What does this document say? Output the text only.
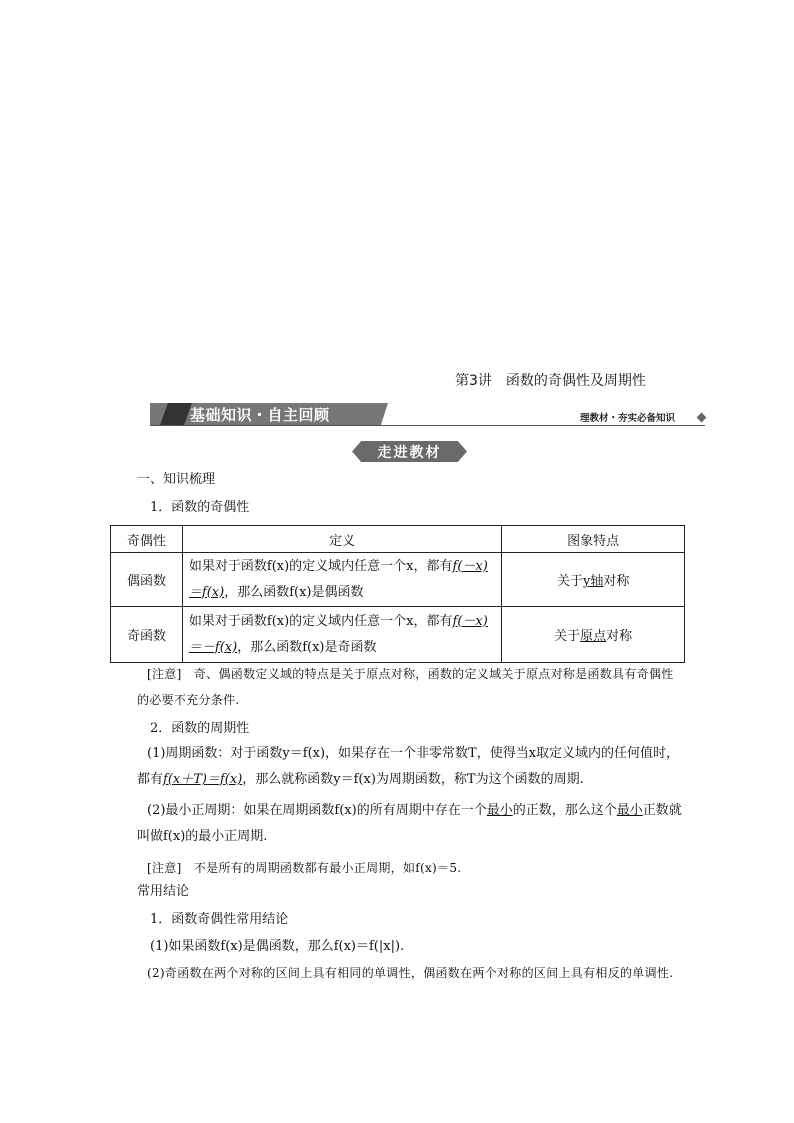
第3讲 函数的奇偶性及周期性
基础知识・自主回顾	理教材・夯实必备知识
走进教材
一、知识梳理
1．函数的奇偶性
奇偶性	定义	图象特点
偶函数	如果对于函数f(x)的定义域内任意一个x，都有f(－x)＝f(x)，那么函数f(x)是偶函数	关于y轴对称
奇函数	如果对于函数f(x)的定义域内任意一个x，都有f(－x)＝－f(x)，那么函数f(x)是奇函数	关于原点对称
[注意]　奇、偶函数定义域的特点是关于原点对称，函数的定义域关于原点对称是函数具有奇偶性的必要不充分条件.
2．函数的周期性
(1)周期函数：对于函数y＝f(x)，如果存在一个非零常数T，使得当x取定义域内的任何值时，都有f(x＋T)＝f(x)，那么就称函数y＝f(x)为周期函数，称T为这个函数的周期.
(2)最小正周期：如果在周期函数f(x)的所有周期中存在一个最小的正数，那么这个最小正数就叫做f(x)的最小正周期.
[注意]　不是所有的周期函数都有最小正周期，如f(x)＝5.
常用结论
1．函数奇偶性常用结论
(1)如果函数f(x)是偶函数，那么f(x)＝f(|x|).
(2)奇函数在两个对称的区间上具有相同的单调性，偶函数在两个对称的区间上具有相反的单调性.
